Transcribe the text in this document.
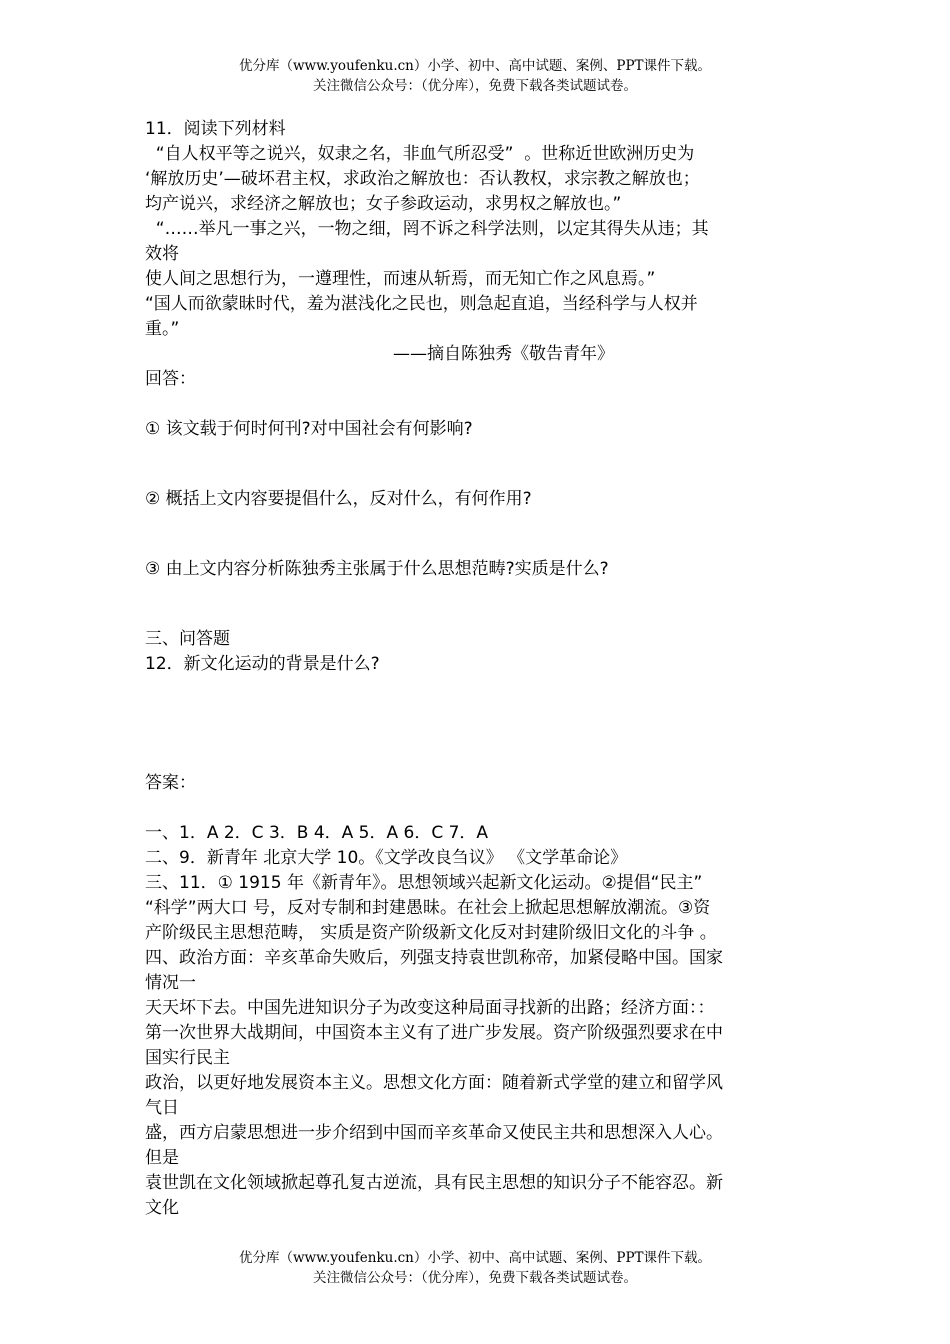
优分库（www.youfenku.cn）小学、初中、高中试题、案例、PPT课件下载。
关注微信公众号：（优分库），免费下载各类试题试卷。

11．阅读下列材料

“自人权平等之说兴，奴隶之名，非血气所忍受”  。世称近世欧洲历史为

‘解放历史’—破坏君主权，求政治之解放也：否认教权，求宗教之解放也；

均产说兴，求经济之解放也；女子参政运动，求男权之解放也。”

“……举凡一事之兴，一物之细，罔不诉之科学法则，以定其得失从违；其

效将

使人间之思想行为，一遵理性，而速从斩焉，而无知亡作之风息焉。”

“国人而欲蒙昧时代，羞为湛浅化之民也，则急起直追，当经科学与人权并

重。”

——摘自陈独秀《敬告青年》

回答：

① 该文载于何时何刊?对中国社会有何影响?

② 概括上文内容要提倡什么，反对什么，有何作用?

③ 由上文内容分析陈独秀主张属于什么思想范畴?实质是什么?

三、问答题

12．新文化运动的背景是什么?

答案：

一、1．A 2．C 3．B 4．A 5．A 6．C 7．A

二、9．新青年 北京大学 10。《文学改良刍议》 《文学革命论》

三、11．① 1915 年《新青年》。思想领域兴起新文化运动。②提倡“民主”

“科学”两大口 号，反对专制和封建愚昧。在社会上掀起思想解放潮流。③资

产阶级民主思想范畴， 实质是资产阶级新文化反对封建阶级旧文化的斗争 。

四、政治方面：辛亥革命失败后，列强支持袁世凯称帝，加紧侵略中国。国家

情况一

天天坏下去。中国先进知识分子为改变这种局面寻找新的出路；经济方面：：

第一次世界大战期间，中国资本主义有了进广步发展。资产阶级强烈要求在中

国实行民主

政治，以更好地发展资本主义。思想文化方面：随着新式学堂的建立和留学风

气日

盛，西方启蒙思想进一步介绍到中国而辛亥革命又使民主共和思想深入人心。

但是

袁世凯在文化领域掀起尊孔复古逆流，具有民主思想的知识分子不能容忍。新

文化

优分库（www.youfenku.cn）小学、初中、高中试题、案例、PPT课件下载。
关注微信公众号：（优分库），免费下载各类试题试卷。
